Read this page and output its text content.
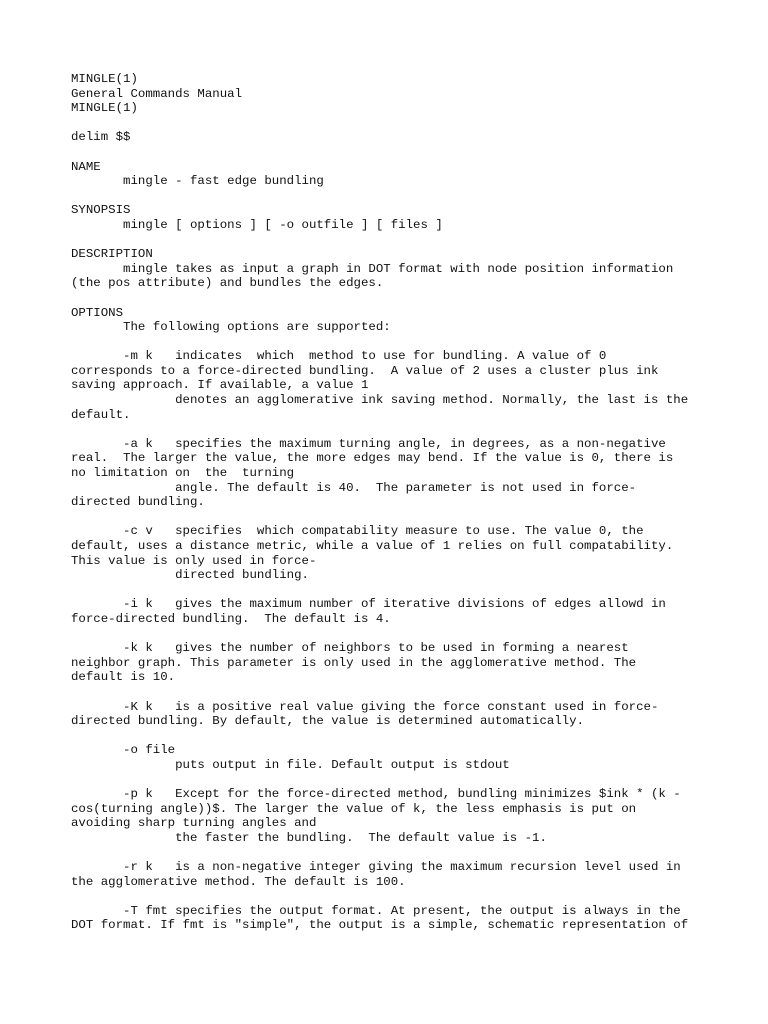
MINGLE(1)
General Commands Manual
MINGLE(1)

delim $$

NAME
mingle - fast edge bundling

SYNOPSIS
mingle [ options ] [ -o outfile ] [ files ]

DESCRIPTION
mingle takes as input a graph in DOT format with node position information
(the pos attribute) and bundles the edges.

OPTIONS
The following options are supported:

-m k   indicates  which  method to use for bundling. A value of 0
corresponds to a force-directed bundling.  A value of 2 uses a cluster plus ink
saving approach. If available, a value 1
denotes an agglomerative ink saving method. Normally, the last is the
default.

-a k   specifies the maximum turning angle, in degrees, as a non-negative
real.  The larger the value, the more edges may bend. If the value is 0, there is
no limitation on  the  turning
angle. The default is 40.  The parameter is not used in force-
directed bundling.

-c v   specifies  which compatability measure to use. The value 0, the
default, uses a distance metric, while a value of 1 relies on full compatability.
This value is only used in force-
directed bundling.

-i k   gives the maximum number of iterative divisions of edges allowd in
force-directed bundling.  The default is 4.

-k k   gives the number of neighbors to be used in forming a nearest
neighbor graph. This parameter is only used in the agglomerative method. The
default is 10.

-K k   is a positive real value giving the force constant used in force-
directed bundling. By default, the value is determined automatically.

-o file
puts output in file. Default output is stdout

-p k   Except for the force-directed method, bundling minimizes $ink * (k -
cos(turning angle))$. The larger the value of k, the less emphasis is put on
avoiding sharp turning angles and
the faster the bundling.  The default value is -1.

-r k   is a non-negative integer giving the maximum recursion level used in
the agglomerative method. The default is 100.

-T fmt specifies the output format. At present, the output is always in the
DOT format. If fmt is "simple", the output is a simple, schematic representation of
